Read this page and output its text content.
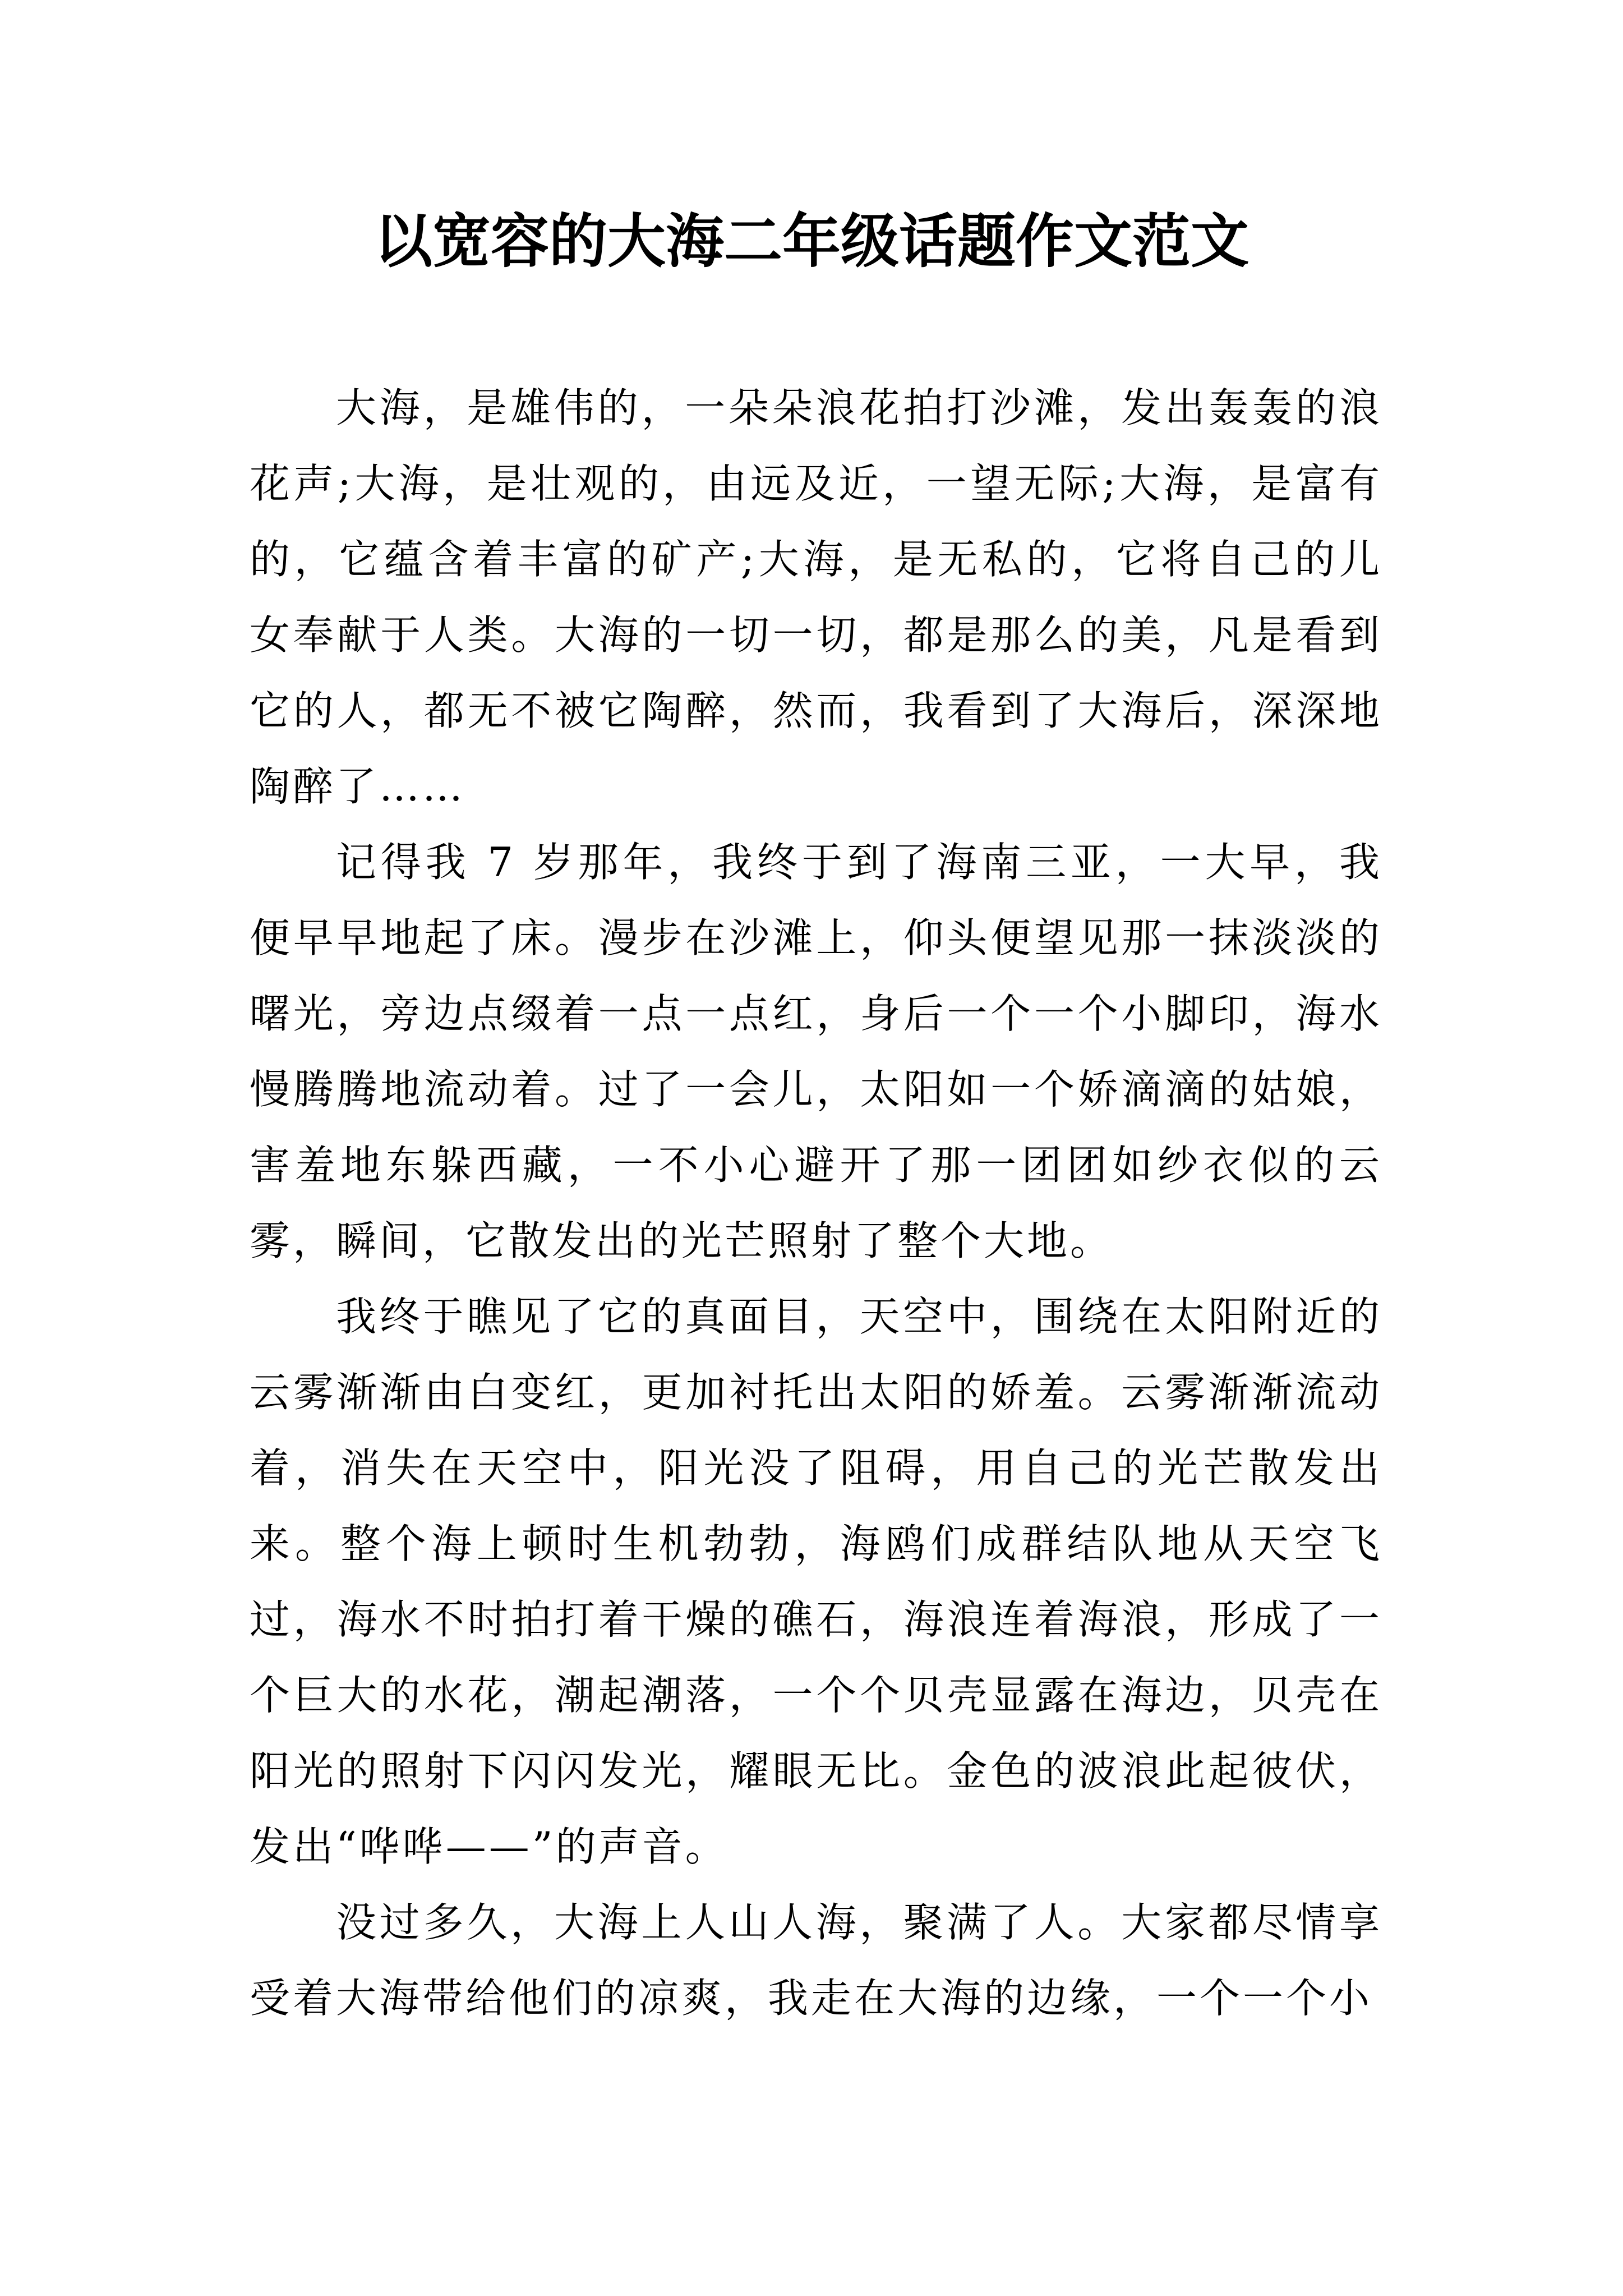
以宽容的大海二年级话题作文范文

大海，是雄伟的，一朵朵浪花拍打沙滩，发出轰轰的浪花声;大海，是壮观的，由远及近，一望无际;大海，是富有的，它蕴含着丰富的矿产;大海，是无私的，它将自己的儿女奉献于人类。大海的一切一切，都是那么的美，凡是看到它的人，都无不被它陶醉，然而，我看到了大海后，深深地陶醉了……

记得我 7 岁那年，我终于到了海南三亚，一大早，我便早早地起了床。漫步在沙滩上，仰头便望见那一抹淡淡的曙光，旁边点缀着一点一点红，身后一个一个小脚印，海水慢腾腾地流动着。过了一会儿，太阳如一个娇滴滴的姑娘，害羞地东躲西藏，一不小心避开了那一团团如纱衣似的云雾，瞬间，它散发出的光芒照射了整个大地。

我终于瞧见了它的真面目，天空中，围绕在太阳附近的云雾渐渐由白变红，更加衬托出太阳的娇羞。云雾渐渐流动着，消失在天空中，阳光没了阻碍，用自己的光芒散发出来。整个海上顿时生机勃勃，海鸥们成群结队地从天空飞过，海水不时拍打着干燥的礁石，海浪连着海浪，形成了一个巨大的水花，潮起潮落，一个个贝壳显露在海边，贝壳在阳光的照射下闪闪发光，耀眼无比。金色的波浪此起彼伏，发出“哗哗——”的声音。

没过多久，大海上人山人海，聚满了人。大家都尽情享受着大海带给他们的凉爽，我走在大海的边缘，一个一个小
